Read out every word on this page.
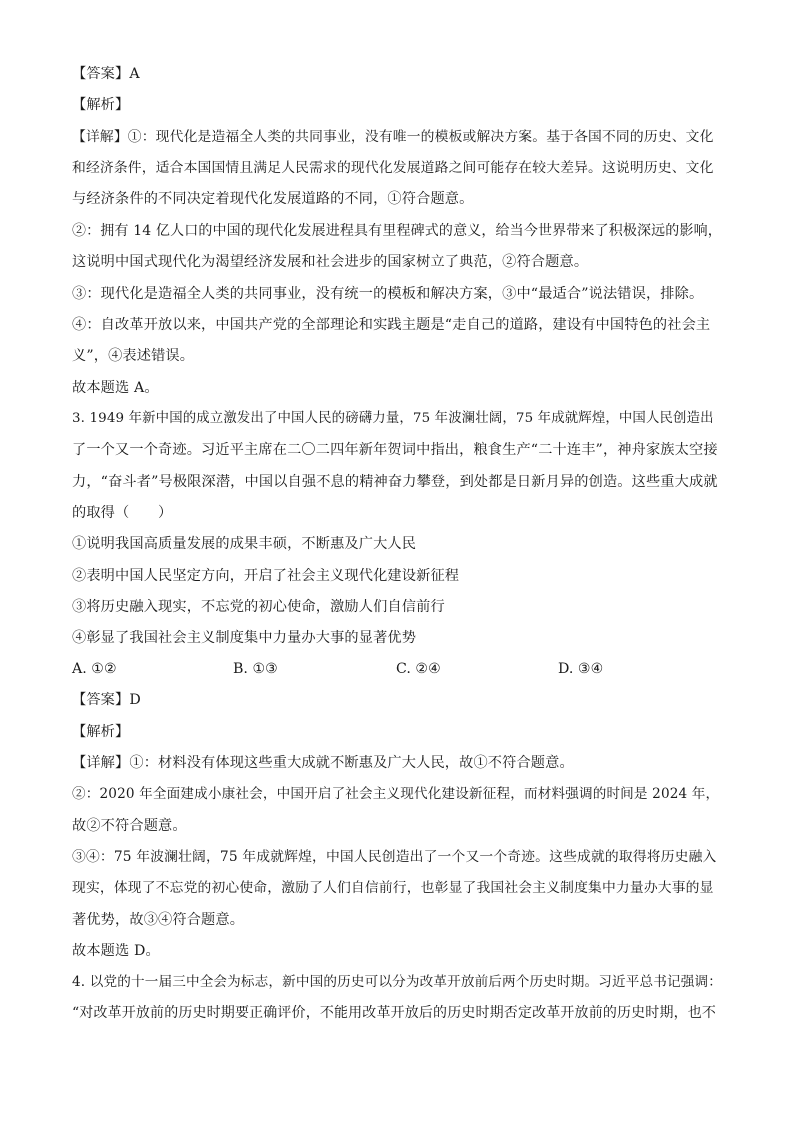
【答案】A
【解析】
【详解】①：现代化是造福全人类的共同事业，没有唯一的模板或解决方案。基于各国不同的历史、文化
和经济条件，适合本国国情且满足人民需求的现代化发展道路之间可能存在较大差异。这说明历史、文化
与经济条件的不同决定着现代化发展道路的不同，①符合题意。
②：拥有 14 亿人口的中国的现代化发展进程具有里程碑式的意义，给当今世界带来了积极深远的影响，
这说明中国式现代化为渴望经济发展和社会进步的国家树立了典范，②符合题意。
③：现代化是造福全人类的共同事业，没有统一的模板和解决方案，③中“最适合”说法错误，排除。
④：自改革开放以来，中国共产党的全部理论和实践主题是“走自己的道路，建设有中国特色的社会主
义”，④表述错误。
故本题选 A。
3. 1949 年新中国的成立激发出了中国人民的磅礴力量，75 年波澜壮阔，75 年成就辉煌，中国人民创造出
了一个又一个奇迹。习近平主席在二〇二四年新年贺词中指出，粮食生产“二十连丰”，神舟家族太空接
力，“奋斗者”号极限深潜，中国以自强不息的精神奋力攀登，到处都是日新月异的创造。这些重大成就
的取得（　　）
①说明我国高质量发展的成果丰硕，不断惠及广大人民
②表明中国人民坚定方向，开启了社会主义现代化建设新征程
③将历史融入现实，不忘党的初心使命，激励人们自信前行
④彰显了我国社会主义制度集中力量办大事的显著优势
A. ①②	B. ①③	C. ②④	D. ③④
【答案】D
【解析】
【详解】①：材料没有体现这些重大成就不断惠及广大人民，故①不符合题意。
②：2020 年全面建成小康社会，中国开启了社会主义现代化建设新征程，而材料强调的时间是 2024 年，
故②不符合题意。
③④：75 年波澜壮阔，75 年成就辉煌，中国人民创造出了一个又一个奇迹。这些成就的取得将历史融入
现实，体现了不忘党的初心使命，激励了人们自信前行，也彰显了我国社会主义制度集中力量办大事的显
著优势，故③④符合题意。
故本题选 D。
4. 以党的十一届三中全会为标志，新中国的历史可以分为改革开放前后两个历史时期。习近平总书记强调：
“对改革开放前的历史时期要正确评价，不能用改革开放后的历史时期否定改革开放前的历史时期，也不
